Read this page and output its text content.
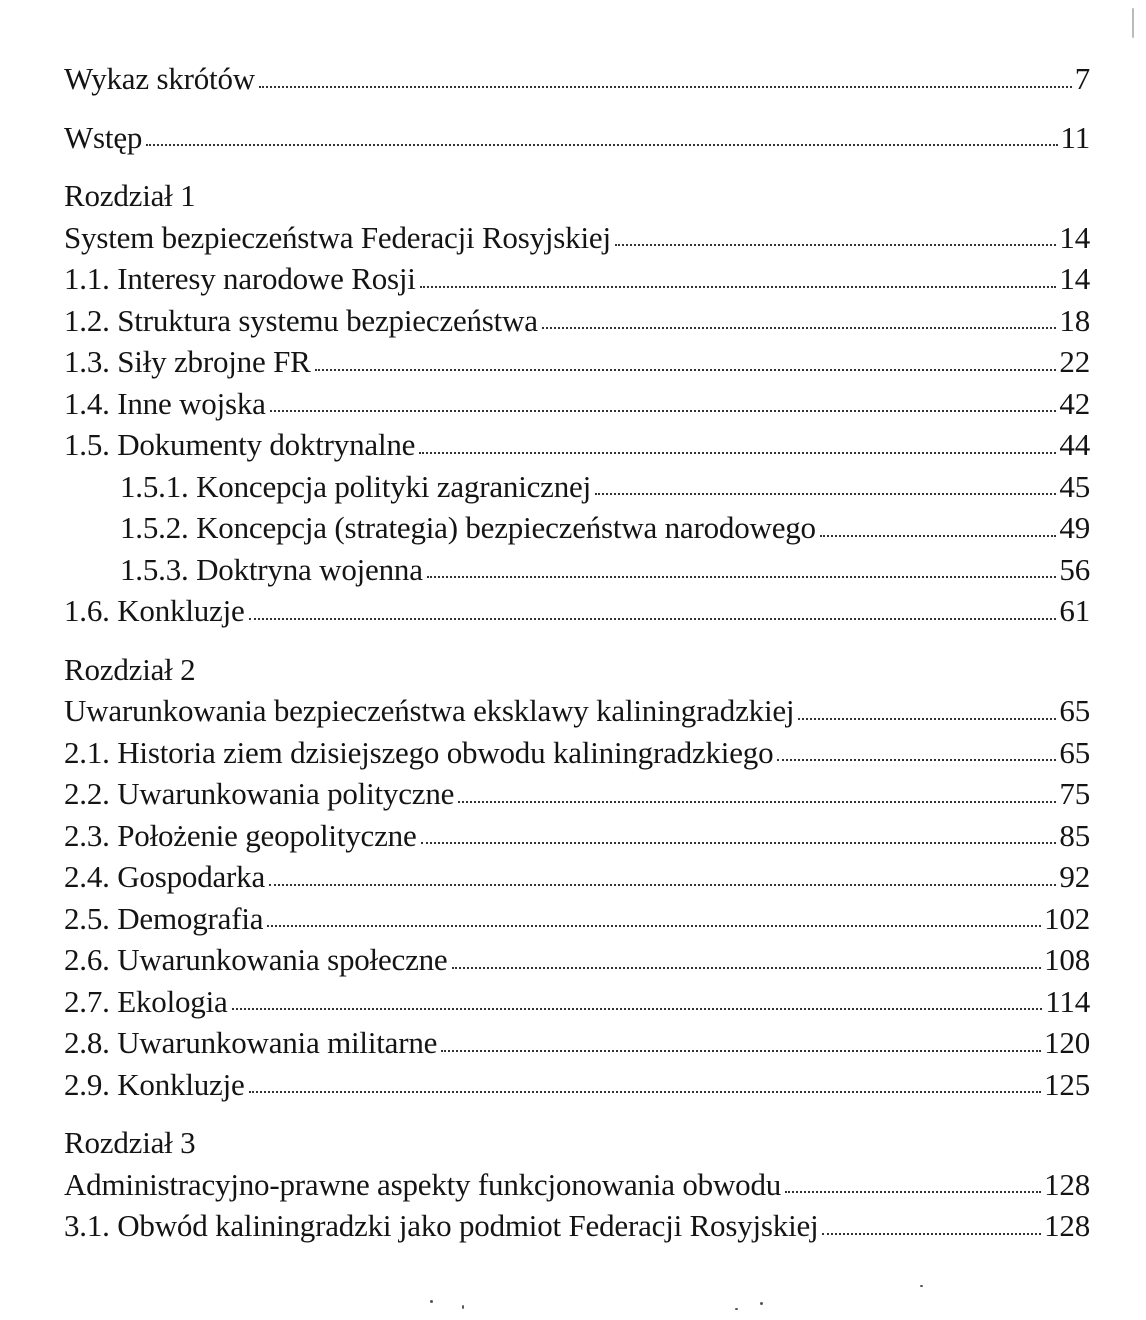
Wykaz skrótów	7
Wstęp	11
Rozdział 1
System bezpieczeństwa Federacji Rosyjskiej	14
1.1. Interesy narodowe Rosji	14
1.2. Struktura systemu bezpieczeństwa	18
1.3. Siły zbrojne FR	22
1.4. Inne wojska	42
1.5. Dokumenty doktrynalne	44
1.5.1. Koncepcja polityki zagranicznej	45
1.5.2. Koncepcja (strategia) bezpieczeństwa narodowego	49
1.5.3. Doktryna wojenna	56
1.6. Konkluzje	61
Rozdział 2
Uwarunkowania bezpieczeństwa eksklawy kaliningradzkiej	65
2.1. Historia ziem dzisiejszego obwodu kaliningradzkiego	65
2.2. Uwarunkowania polityczne	75
2.3. Położenie geopolityczne	85
2.4. Gospodarka	92
2.5. Demografia	102
2.6. Uwarunkowania społeczne	108
2.7. Ekologia	114
2.8. Uwarunkowania militarne	120
2.9. Konkluzje	125
Rozdział 3
Administracyjno-prawne aspekty funkcjonowania obwodu	128
3.1. Obwód kaliningradzki jako podmiot Federacji Rosyjskiej	128
